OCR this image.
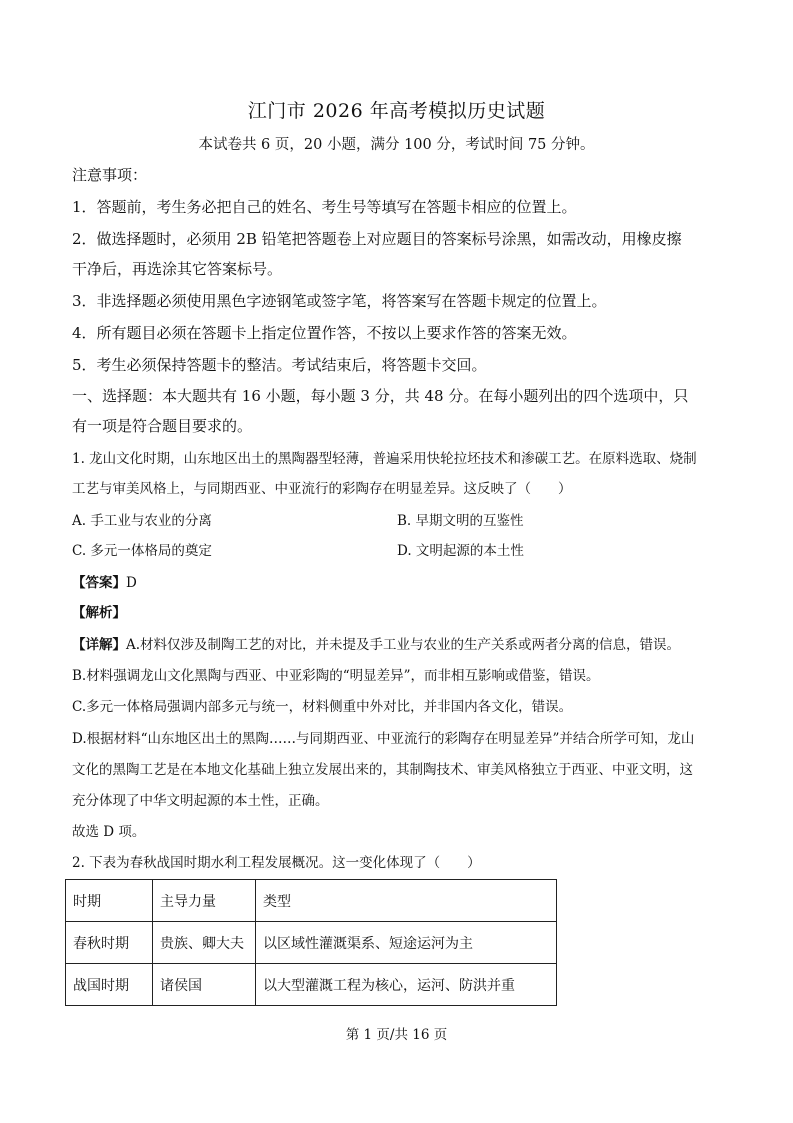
江门市 2026 年高考模拟历史试题
本试卷共 6 页，20 小题，满分 100 分，考试时间 75 分钟。
注意事项：
1．答题前，考生务必把自己的姓名、考生号等填写在答题卡相应的位置上。
2．做选择题时，必须用 2B 铅笔把答题卷上对应题目的答案标号涂黑，如需改动，用橡皮擦
干净后，再选涂其它答案标号。
3．非选择题必须使用黑色字迹钢笔或签字笔，将答案写在答题卡规定的位置上。
4．所有题目必须在答题卡上指定位置作答，不按以上要求作答的答案无效。
5．考生必须保持答题卡的整洁。考试结束后，将答题卡交回。
一、选择题：本大题共有 16 小题，每小题 3 分，共 48 分。在每小题列出的四个选项中，只
有一项是符合题目要求的。
1. 龙山文化时期，山东地区出土的黑陶器型轻薄，普遍采用快轮拉坯技术和渗碳工艺。在原料选取、烧制
工艺与审美风格上，与同期西亚、中亚流行的彩陶存在明显差异。这反映了（　　）
A. 手工业与农业的分离	B. 早期文明的互鉴性
C. 多元一体格局的奠定	D. 文明起源的本土性
【答案】D
【解析】
【详解】A.材料仅涉及制陶工艺的对比，并未提及手工业与农业的生产关系或两者分离的信息，错误。
B.材料强调龙山文化黑陶与西亚、中亚彩陶的“明显差异”，而非相互影响或借鉴，错误。
C.多元一体格局强调内部多元与统一，材料侧重中外对比，并非国内各文化，错误。
D.根据材料“山东地区出土的黑陶……与同期西亚、中亚流行的彩陶存在明显差异”并结合所学可知，龙山
文化的黑陶工艺是在本地文化基础上独立发展出来的，其制陶技术、审美风格独立于西亚、中亚文明，这
充分体现了中华文明起源的本土性，正确。
故选 D 项。
2. 下表为春秋战国时期水利工程发展概况。这一变化体现了（　　）
时期	主导力量	类型
春秋时期	贵族、卿大夫	以区域性灌溉渠系、短途运河为主
战国时期	诸侯国	以大型灌溉工程为核心，运河、防洪并重
第 1 页/共 16 页
